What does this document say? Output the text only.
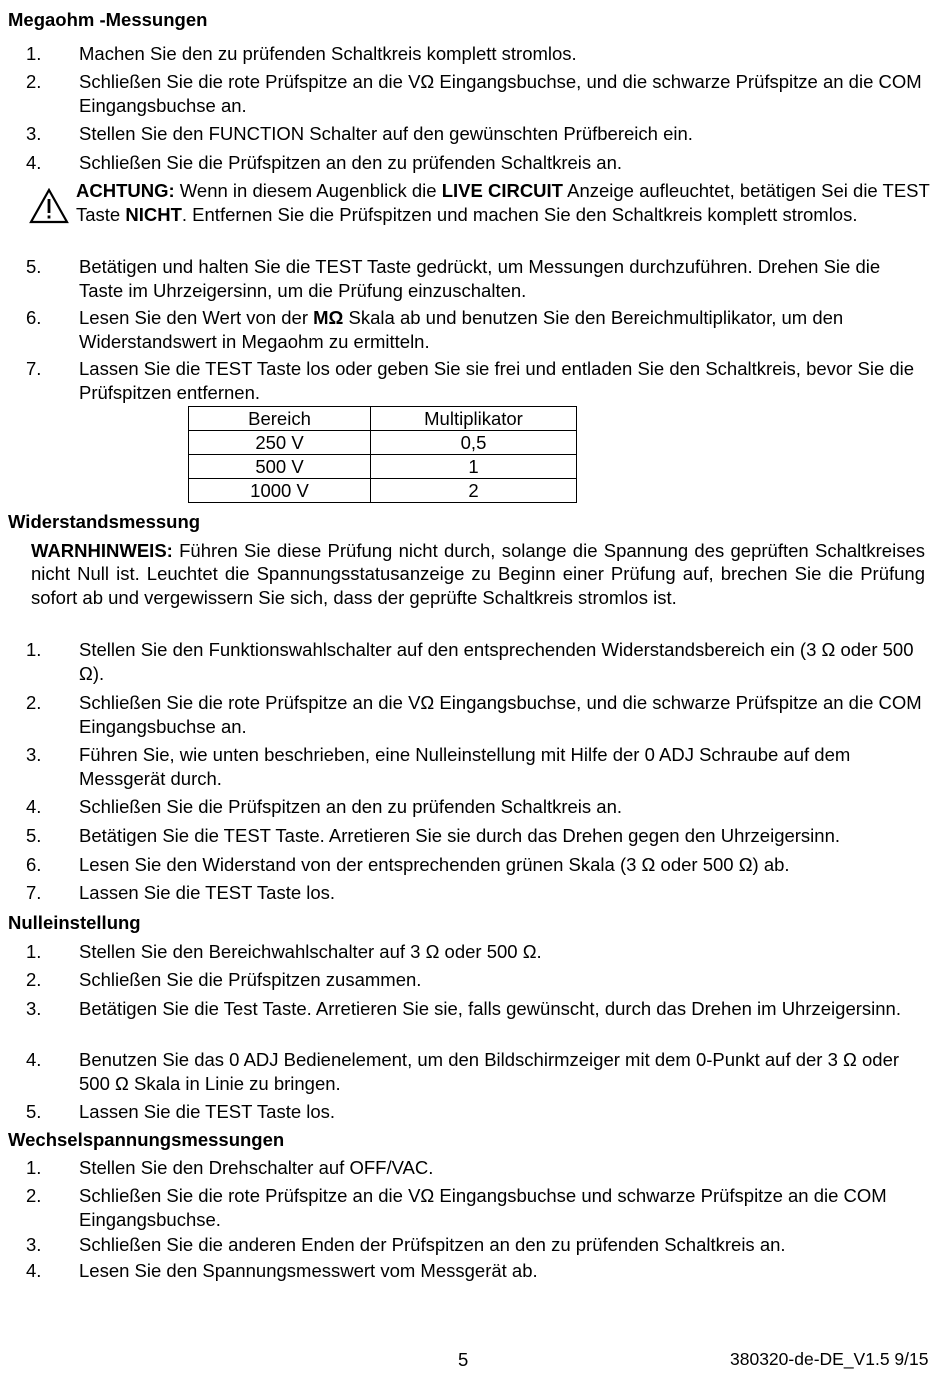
Megaohm -Messungen
1. Machen Sie den zu prüfenden Schaltkreis komplett stromlos.
2. Schließen Sie die rote Prüfspitze an die VΩ Eingangsbuchse, und die schwarze Prüfspitze an die COM Eingangsbuchse an.
3. Stellen Sie den FUNCTION Schalter auf den gewünschten Prüfbereich ein.
4. Schließen Sie die Prüfspitzen an den zu prüfenden Schaltkreis an.
ACHTUNG: Wenn in diesem Augenblick die LIVE CIRCUIT Anzeige aufleuchtet, betätigen Sei die TEST Taste NICHT. Entfernen Sie die Prüfspitzen und machen Sie den Schaltkreis komplett stromlos.
5. Betätigen und halten Sie die TEST Taste gedrückt, um Messungen durchzuführen. Drehen Sie die Taste im Uhrzeigersinn, um die Prüfung einzuschalten.
6. Lesen Sie den Wert von der MΩ Skala ab und benutzen Sie den Bereichmultiplikator, um den Widerstandswert in Megaohm zu ermitteln.
7. Lassen Sie die TEST Taste los oder geben Sie sie frei und entladen Sie den Schaltkreis, bevor Sie die Prüfspitzen entfernen.
Bereich	Multiplikator
250 V	0,5
500 V	1
1000 V	2
Widerstandsmessung
WARNHINWEIS: Führen Sie diese Prüfung nicht durch, solange die Spannung des geprüften Schaltkreises nicht Null ist. Leuchtet die Spannungsstatusanzeige zu Beginn einer Prüfung auf, brechen Sie die Prüfung sofort ab und vergewissern Sie sich, dass der geprüfte Schaltkreis stromlos ist.
1. Stellen Sie den Funktionswahlschalter auf den entsprechenden Widerstandsbereich ein (3 Ω oder 500 Ω).
2. Schließen Sie die rote Prüfspitze an die VΩ Eingangsbuchse, und die schwarze Prüfspitze an die COM Eingangsbuchse an.
3. Führen Sie, wie unten beschrieben, eine Nulleinstellung mit Hilfe der 0 ADJ Schraube auf dem Messgerät durch.
4. Schließen Sie die Prüfspitzen an den zu prüfenden Schaltkreis an.
5. Betätigen Sie die TEST Taste. Arretieren Sie sie durch das Drehen gegen den Uhrzeigersinn.
6. Lesen Sie den Widerstand von der entsprechenden grünen Skala (3 Ω oder 500 Ω) ab.
7. Lassen Sie die TEST Taste los.
Nulleinstellung
1. Stellen Sie den Bereichwahlschalter auf 3 Ω oder 500 Ω.
2. Schließen Sie die Prüfspitzen zusammen.
3. Betätigen Sie die Test Taste. Arretieren Sie sie, falls gewünscht, durch das Drehen im Uhrzeigersinn.
4. Benutzen Sie das 0 ADJ Bedienelement, um den Bildschirmzeiger mit dem 0-Punkt auf der 3 Ω oder 500 Ω Skala in Linie zu bringen.
5. Lassen Sie die TEST Taste los.
Wechselspannungsmessungen
1. Stellen Sie den Drehschalter auf OFF/VAC.
2. Schließen Sie die rote Prüfspitze an die VΩ Eingangsbuchse und schwarze Prüfspitze an die COM Eingangsbuchse.
3. Schließen Sie die anderen Enden der Prüfspitzen an den zu prüfenden Schaltkreis an.
4. Lesen Sie den Spannungsmesswert vom Messgerät ab.
5	380320-de-DE_V1.5 9/15
